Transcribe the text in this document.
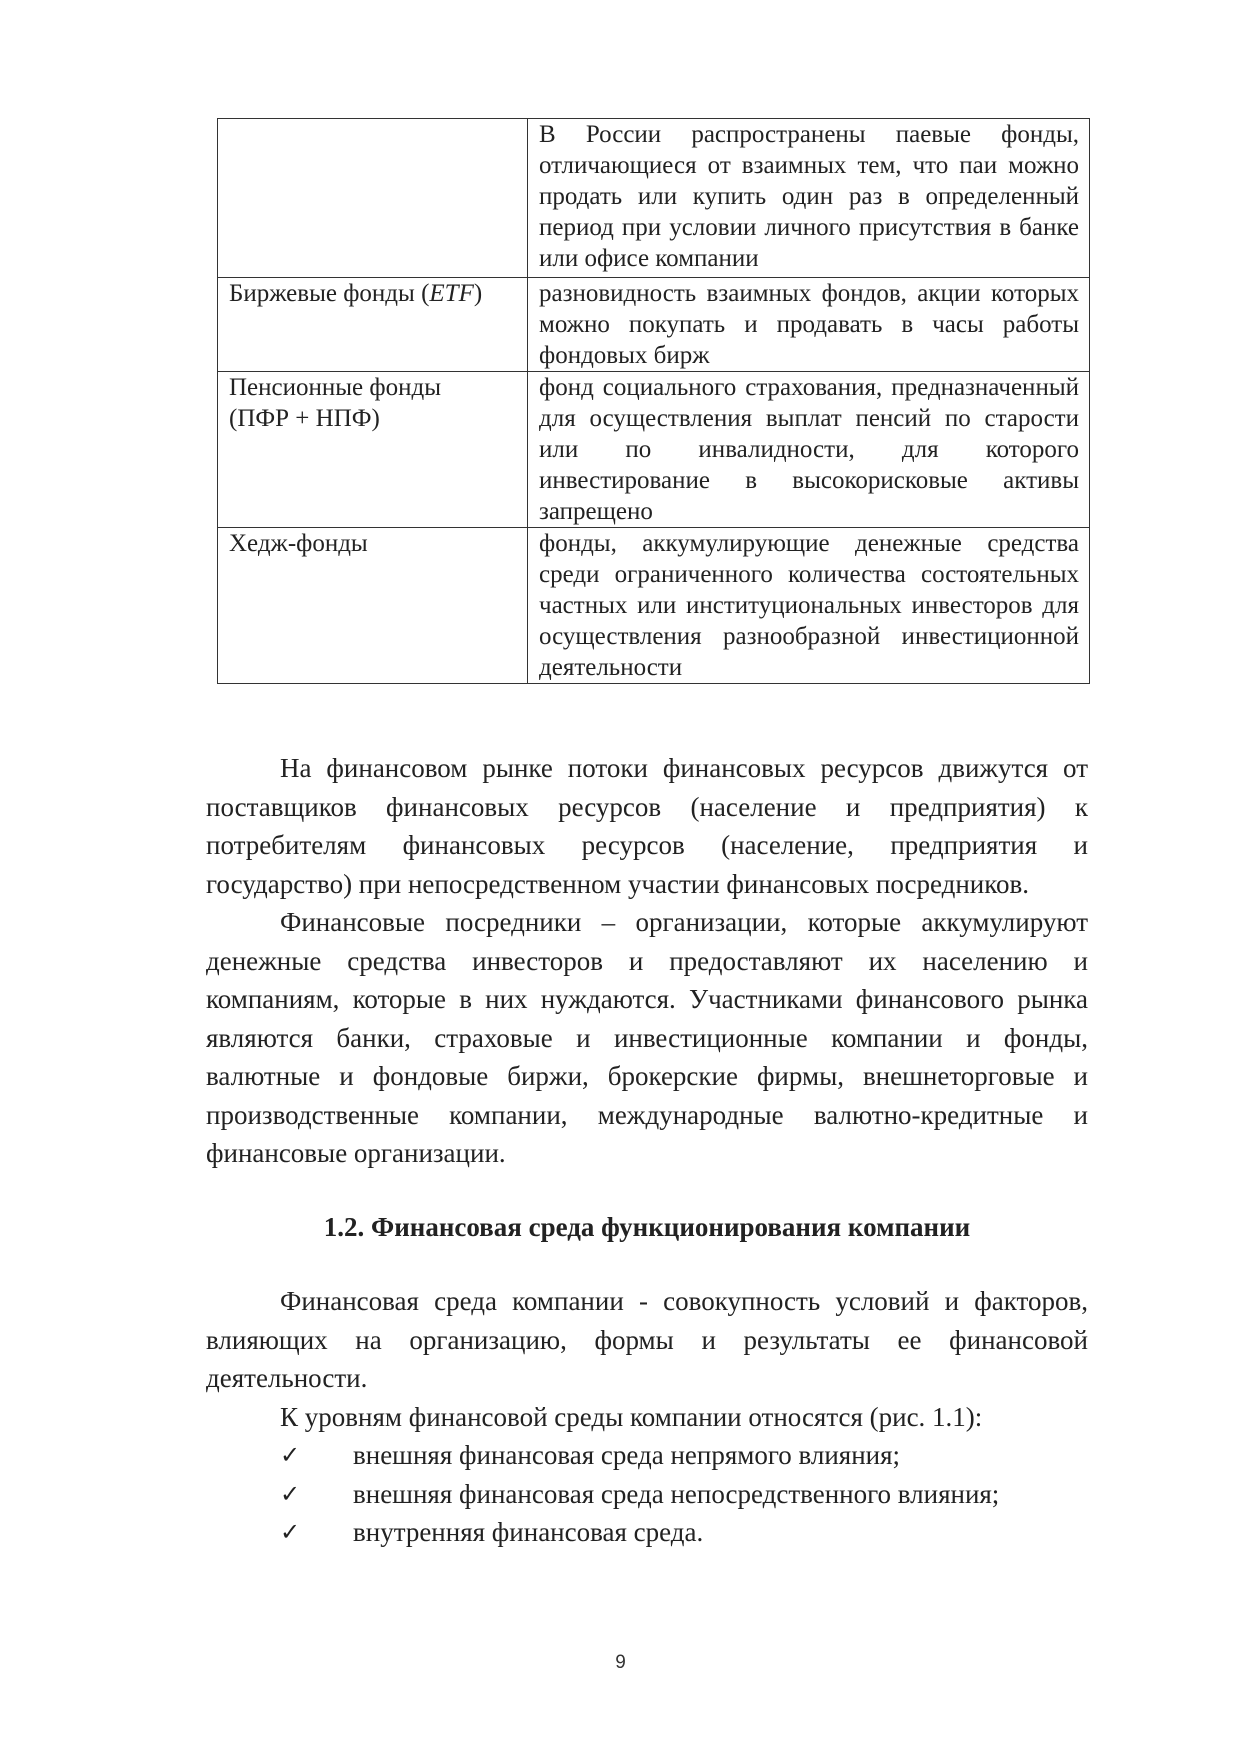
	В России распространены паевые фонды, отличающиеся от взаимных тем, что паи можно продать или купить один раз в определенный период при условии личного присутствия в банке или офисе компании
Биржевые фонды (ETF)	разновидность взаимных фондов, акции которых можно покупать и продавать в часы работы фондовых бирж

Пенсионные фонды
(ПФР + НПФ)	фонд социального страхования, предназначенный для осуществления выплат пенсий по старости или по инвалидности, для которого инвестирование в высокорисковые активы запрещено
Хедж-фонды	фонды, аккумулирующие денежные средства среди ограниченного количества состоятельных частных или институциональных инвесторов для осуществления разнообразной инвестиционной деятельности

На финансовом рынке потоки финансовых ресурсов движутся от поставщиков финансовых ресурсов (население и предприятия) к потребителям финансовых ресурсов (население, предприятия и государство) при непосредственном участии финансовых посредников.

Финансовые посредники – организации, которые аккумулируют денежные средства инвесторов и предоставляют их населению и компаниям, которые в них нуждаются. Участниками финансового рынка являются банки, страховые и инвестиционные компании и фонды, валютные и фондовые биржи, брокерские фирмы, внешнеторговые и производственные компании, международные валютно-кредитные и финансовые организации.

1.2. Финансовая среда функционирования компании

Финансовая среда компании - совокупность условий и факторов, влияющих на организацию, формы и результаты ее финансовой деятельности.

К уровням финансовой среды компании относятся (рис. 1.1):

✓ внешняя финансовая среда непрямого влияния;
✓ внешняя финансовая среда непосредственного влияния;
✓ внутренняя финансовая среда.
9
